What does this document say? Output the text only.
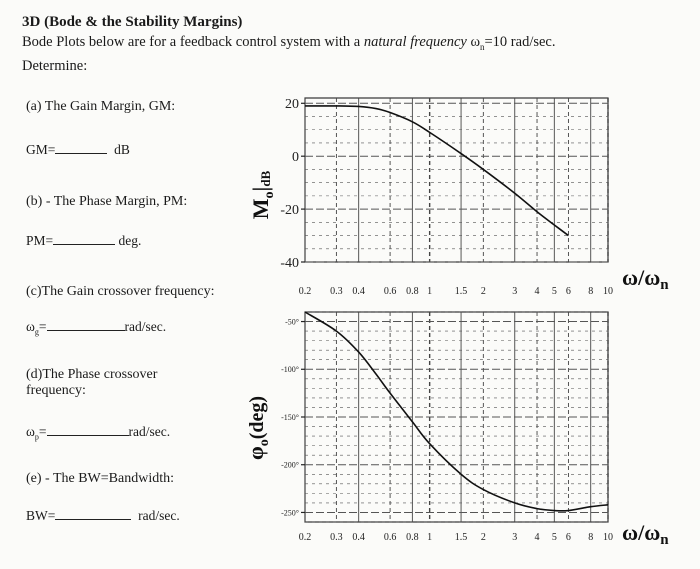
3D (Bode & the Stability Margins)
Bode Plots below are for a feedback control system with a natural frequency $\omega_n=10$ rad/sec.
Determine:
(a) The Gain Margin, GM:
GM=	dB
(b) - The Phase Margin, PM:
PM=	deg.
(c)The Gain crossover frequency:
$\omega_g=$	rad/sec.
(d)The Phase crossover
frequency:
$\omega_p=$	rad/sec.
(e) - The BW=Bandwidth:
BW=	rad/sec.
0.2 0.3 0.4 0.6 0.8 1 1.5 2	3 4 5 6 8 10
20
0
-20
-40
0.2 0.3 0.4 0.6 0.8 1 1.5 2	3 4 5 6 8 10
-50°
-100°
-150°
-200°
-250°
$M_o|dB$
$\varphi_o(deg)$
ω/ωn
ω/ωn
